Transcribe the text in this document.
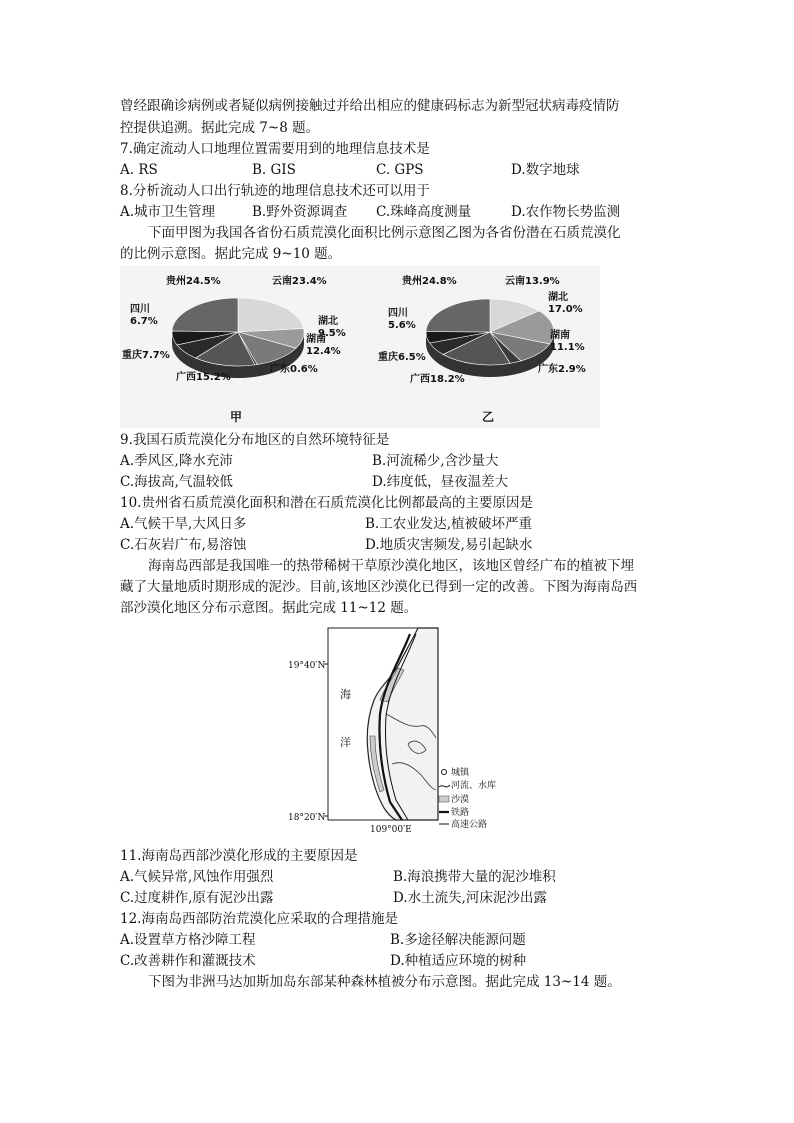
曾经跟确诊病例或者疑似病例接触过并给出相应的健康码标志为新型冠状病毒疫情防
控提供追溯。据此完成 7~8 题。
7.确定流动人口地理位置需要用到的地理信息技术是
A. RS	B. GIS	C. GPS	D.数字地球
8.分析流动人口出行轨迹的地理信息技术还可以用于
A.城市卫生管理	B.野外资源调查 C.珠峰高度测量	D.农作物长势监测
下面甲图为我国各省份石质荒漠化面积比例示意图乙图为各省份潜在石质荒漠化
的比例示意图。据此完成 9~10 题。
云南23.4%
湖北 9.5%
湖南 12.4%
广东0.6%
广西15.2%
重庆7.7%
四川 6.7%
贵州24.5%	云南13.9%
湖北 17.0%
湖南 11.1%
广东2.9%
广西18.2%
重庆6.5%
四川 5.6%
贵州24.8%
甲	乙
9.我国石质荒漠化分布地区的自然环境特征是
A.季风区,降水充沛	B.河流稀少,含沙量大
C.海拔高,气温较低	D.纬度低，昼夜温差大
10.贵州省石质荒漠化面积和潜在石质荒漠化比例都最高的主要原因是
A.气候干旱,大风日多	B.工农业发达,植被破坏严重
C.石灰岩广布,易溶蚀	D.地质灾害频发,易引起缺水
海南岛西部是我国唯一的热带稀树干草原沙漠化地区，该地区曾经广布的植被下埋
藏了大量地质时期形成的泥沙。目前,该地区沙漠化已得到一定的改善。下图为海南岛西
部沙漠化地区分布示意图。据此完成 11~12 题。
19°40′N
18°20′N
109°00′E
海
洋
城镇
河流、水库
沙漠
铁路
高速公路
11.海南岛西部沙漠化形成的主要原因是
A.气候异常,风蚀作用强烈	B.海浪携带大量的泥沙堆积
C.过度耕作,原有泥沙出露	D.水土流失,河床泥沙出露
12.海南岛西部防治荒漠化应采取的合理措施是
A.设置草方格沙障工程	B.多途径解决能源问题
C.改善耕作和灌溉技术	D.种植适应环境的树种
下图为非洲马达加斯加岛东部某种森林植被分布示意图。据此完成 13~14 题。
